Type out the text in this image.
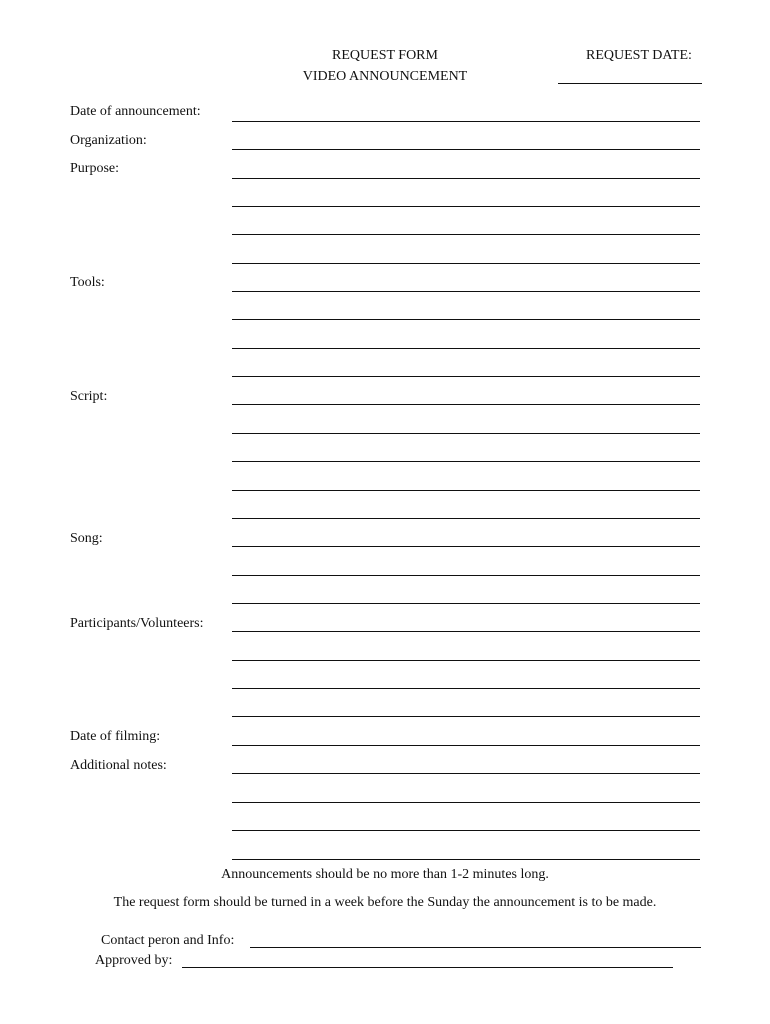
REQUEST FORM
VIDEO ANNOUNCEMENT
REQUEST DATE:
Date of announcement:
Organization:
Purpose:
Tools:
Script:
Song:
Participants/Volunteers:
Date of filming:
Additional notes:
Announcements should be no more than 1-2 minutes long.
The request form should be turned in a week before the Sunday the announcement is to be made.
Contact peron and Info:
Approved by:
